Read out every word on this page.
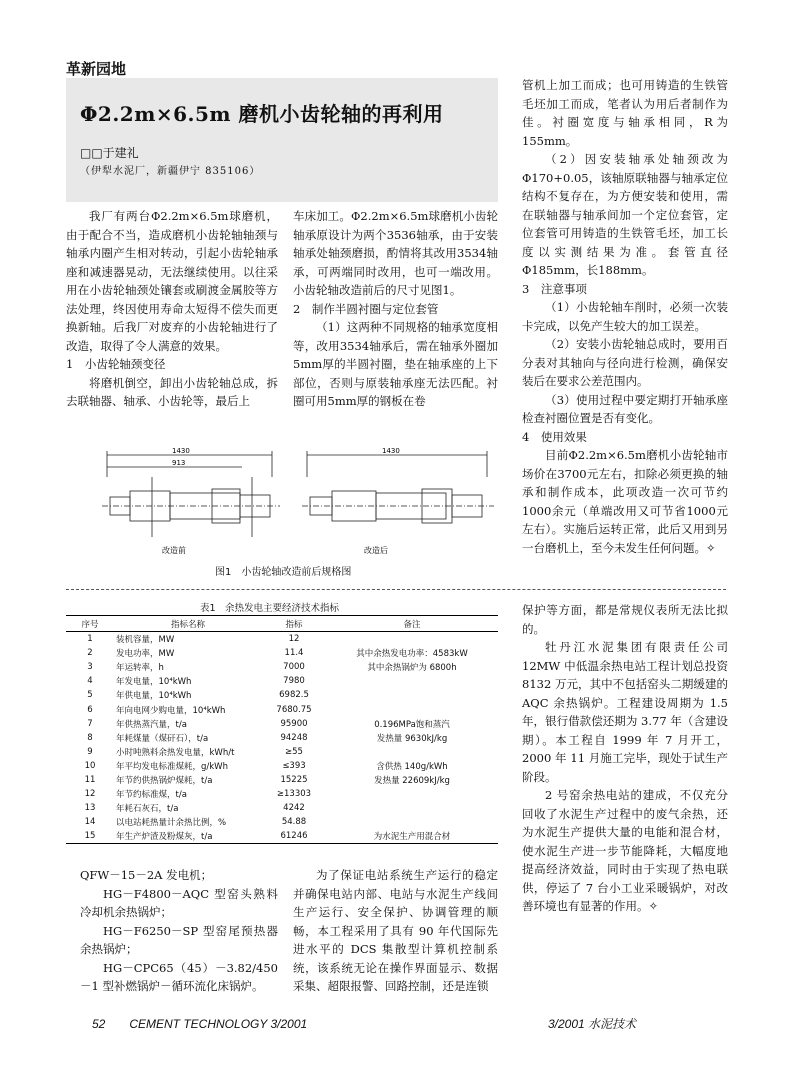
革新园地
Φ2.2m×6.5m 磨机小齿轮轴的再利用
□□于建礼
（伊犁水泥厂，新疆伊宁 835106）

我厂有两台Φ2.2m×6.5m球磨机，由于配合不当，造成磨机小齿轮轴轴颈与轴承内圈产生相对转动，引起小齿轮轴承座和减速器晃动，无法继续使用。以往采用在小齿轮轴颈处镶套或刷渡金属胶等方法处理，终因使用寿命太短得不偿失而更换新轴。后我厂对废弃的小齿轮轴进行了改造，取得了令人满意的效果。

1　小齿轮轴颈变径

将磨机倒空，卸出小齿轮轴总成，拆去联轴器、轴承、小齿轮等，最后上

车床加工。Φ2.2m×6.5m球磨机小齿轮轴承原设计为两个3536轴承，由于安装轴承处轴颈磨损，酌情将其改用3534轴承，可两端同时改用，也可一端改用。小齿轮轴改造前后的尺寸见图1。

2　制作半圆衬圈与定位套管

（1）这两种不同规格的轴承宽度相等，改用3534轴承后，需在轴承外圈加5mm厚的半圆衬圈，垫在轴承座的上下部位，否则与原装轴承座无法匹配。衬圈可用5mm厚的钢板在卷

管机上加工而成；也可用铸造的生铁管毛坯加工而成，笔者认为用后者制作为佳。衬圈宽度与轴承相同，R为155mm。

（2）因安装轴承处轴颈改为Φ170+0.05，该轴原联轴器与轴承定位结构不复存在，为方便安装和使用，需在联轴器与轴承间加一个定位套管，定位套管可用铸造的生铁管毛坯，加工长度以实测结果为准。套管直径Φ185mm，长188mm。

3　注意事项

（1）小齿轮轴车削时，必须一次装卡完成，以免产生较大的加工误差。

（2）安装小齿轮轴总成时，要用百分表对其轴向与径向进行检测，确保安装后在要求公差范围内。

（3）使用过程中要定期打开轴承座检查衬圈位置是否有变化。

4　使用效果

目前Φ2.2m×6.5m磨机小齿轮轴市场价在3700元左右，扣除必须更换的轴承和制作成本，此项改造一次可节约1000余元（单端改用又可节省1000元左右）。实施后运转正常，此后又用到另一台磨机上，至今未发生任何问题。✧

1430
913
1430
改造前	改造后
图1　小齿轮轴改造前后规格图
表1　余热发电主要经济技术指标
序号	指标名称	指标	备注
1	装机容量，MW	12	
2	发电功率，MW	11.4	其中余热发电功率：4583kW
3	年运转率，h	7000	其中余热锅炉为 6800h
4	年发电量，10⁴kWh	7980	
5	年供电量，10⁴kWh	6982.5	
6	年向电网少购电量，10⁴kWh	7680.75	
7	年供热蒸汽量，t/a	95900	0.196MPa饱和蒸汽
8	年耗煤量（煤矸石），t/a	94248	发热量 9630kJ/kg
9	小时吨熟料余热发电量，kWh/t	≥55	
10	年平均发电标准煤耗，g/kWh	≤393	含供热 140g/kWh
11	年节约供热锅炉煤耗，t/a	15225	发热量 22609kJ/kg
12	年节约标准煤，t/a	≥13303	
13	年耗石灰石，t/a	4242	
14	以电站耗热量计余热比例，%	54.88	
15	年生产炉渣及粉煤灰，t/a	61246	为水泥生产用混合材

QFW－15－2A 发电机；

HG－F4800－AQC 型窑头熟料冷却机余热锅炉；

HG－F6250－SP 型窑尾预热器余热锅炉；

HG－CPC65（45）－3.82/450－1 型补燃锅炉－循环流化床锅炉。

为了保证电站系统生产运行的稳定并确保电站内部、电站与水泥生产线间生产运行、安全保护、协调管理的顺畅，本工程采用了具有 90 年代国际先进水平的 DCS 集散型计算机控制系统，该系统无论在操作界面显示、数据采集、超限报警、回路控制，还是连锁

保护等方面，都是常规仪表所无法比拟的。

牡丹江水泥集团有限责任公司 12MW 中低温余热电站工程计划总投资 8132 万元，其中不包括窑头二期缓建的 AQC 余热锅炉。工程建设周期为 1.5 年，银行借款偿还期为 3.77 年（含建设期）。本工程自 1999 年 7 月开工，2000 年 11 月施工完毕，现处于试生产阶段。

2 号窑余热电站的建成，不仅充分回收了水泥生产过程中的废气余热，还为水泥生产提供大量的电能和混合材，使水泥生产进一步节能降耗，大幅度地提高经济效益，同时由于实现了热电联供，停运了 7 台小工业采暖锅炉，对改善环境也有显著的作用。✧

52　　CEMENT TECHNOLOGY 3/2001	3/2001 水泥技术
